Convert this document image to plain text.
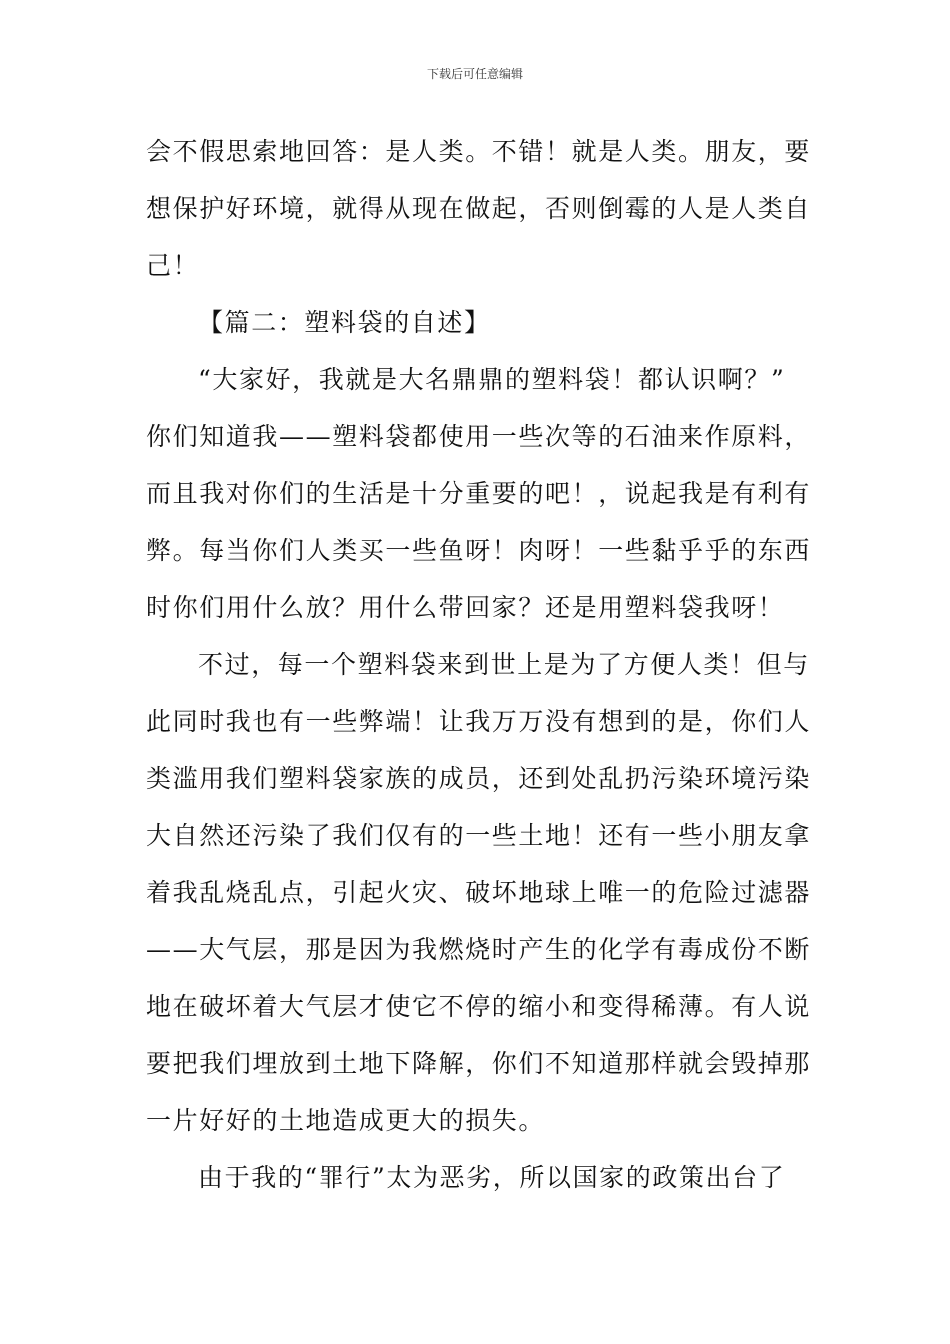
下载后可任意编辑
会不假思索地回答：是人类。不错！就是人类。朋友，要
想保护好环境，就得从现在做起，否则倒霉的人是人类自
己！
【篇二：塑料袋的自述】
“大家好，我就是大名鼎鼎的塑料袋！都认识啊？”
你们知道我——塑料袋都使用一些次等的石油来作原料，
而且我对你们的生活是十分重要的吧！，说起我是有利有
弊。每当你们人类买一些鱼呀！肉呀！一些黏乎乎的东西
时你们用什么放？用什么带回家？还是用塑料袋我呀！
不过，每一个塑料袋来到世上是为了方便人类！但与
此同时我也有一些弊端！让我万万没有想到的是，你们人
类滥用我们塑料袋家族的成员，还到处乱扔污染环境污染
大自然还污染了我们仅有的一些土地！还有一些小朋友拿
着我乱烧乱点，引起火灾、破坏地球上唯一的危险过滤器
——大气层，那是因为我燃烧时产生的化学有毒成份不断
地在破坏着大气层才使它不停的缩小和变得稀薄。有人说
要把我们埋放到土地下降解，你们不知道那样就会毁掉那
一片好好的土地造成更大的损失。
由于我的“罪行”太为恶劣，所以国家的政策出台了
